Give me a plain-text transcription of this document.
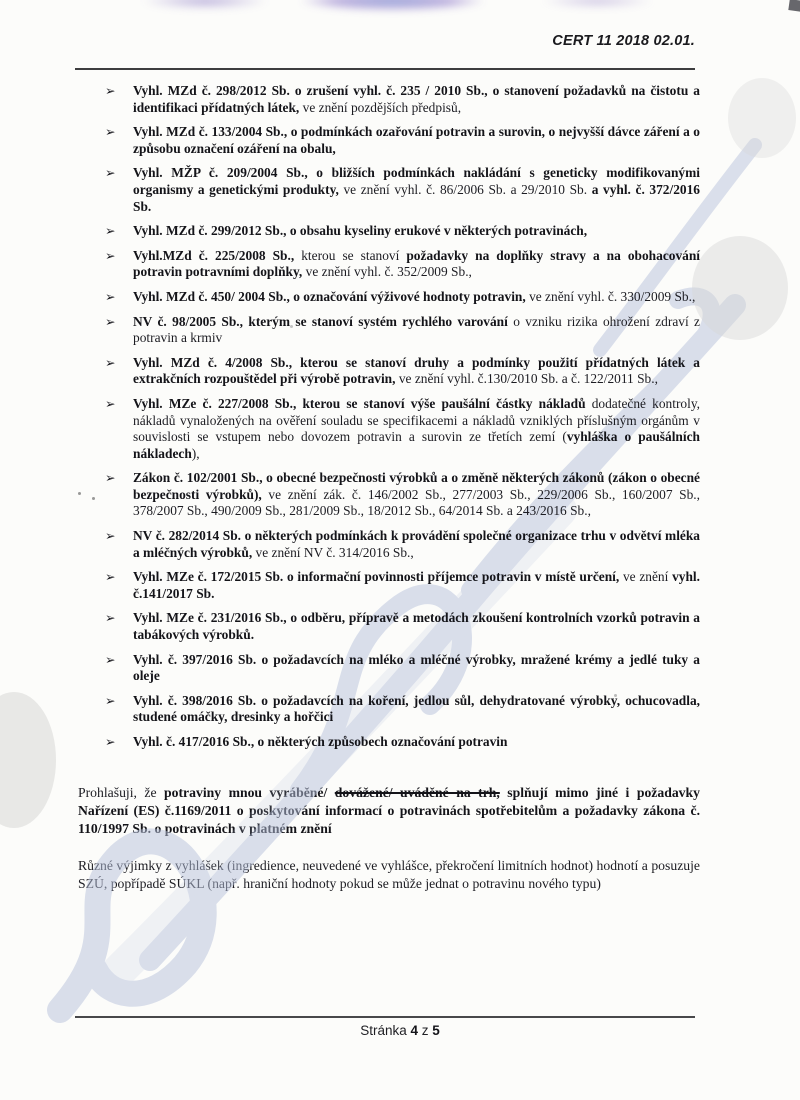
CERT 11 2018 02.01.
➢ Vyhl. MZd č. 298/2012 Sb. o zrušení vyhl. č. 235 / 2010 Sb., o stanovení požadavků na čistotu a identifikaci přídatných látek, ve znění pozdějších předpisů,
➢ Vyhl. MZd č. 133/2004 Sb., o podmínkách ozařování potravin a surovin, o nejvyšší dávce záření a o způsobu označení ozáření na obalu,
➢ Vyhl. MŽP č. 209/2004 Sb., o bližších podmínkách nakládání s geneticky modifikovanými organismy a genetickými produkty, ve znění vyhl. č. 86/2006 Sb. a 29/2010 Sb. a vyhl. č. 372/2016 Sb.
➢ Vyhl. MZd č. 299/2012 Sb., o obsahu kyseliny erukové v některých potravinách,
➢ Vyhl.MZd č. 225/2008 Sb., kterou se stanoví požadavky na doplňky stravy a na obohacování potravin potravními doplňky, ve znění vyhl. č. 352/2009 Sb.,
➢ Vyhl. MZd č. 450/ 2004 Sb., o označování výživové hodnoty potravin, ve znění vyhl. č. 330/2009 Sb.,
➢ NV č. 98/2005 Sb., kterým se stanoví systém rychlého varování o vzniku rizika ohrožení zdraví z potravin a krmiv
➢ Vyhl. MZd č. 4/2008 Sb., kterou se stanoví druhy a podmínky použití přídatných látek a extrakčních rozpouštědel při výrobě potravin, ve znění vyhl. č.130/2010 Sb. a č. 122/2011 Sb.,
➢ Vyhl. MZe č. 227/2008 Sb., kterou se stanoví výše paušální částky nákladů dodatečné kontroly, nákladů vynaložených na ověření souladu se specifikacemi a nákladů vzniklých příslušným orgánům v souvislosti se vstupem nebo dovozem potravin a surovin ze třetích zemí (vyhláška o paušálních nákladech),
➢ Zákon č. 102/2001 Sb., o obecné bezpečnosti výrobků a o změně některých zákonů (zákon o obecné bezpečnosti výrobků), ve znění zák. č. 146/2002 Sb., 277/2003 Sb., 229/2006 Sb., 160/2007 Sb., 378/2007 Sb., 490/2009 Sb., 281/2009 Sb., 18/2012 Sb., 64/2014 Sb. a 243/2016 Sb.,
➢ NV č. 282/2014 Sb. o některých podmínkách k provádění společné organizace trhu v odvětví mléka a mléčných výrobků, ve znění NV č. 314/2016 Sb.,
➢ Vyhl. MZe č. 172/2015 Sb. o informační povinnosti příjemce potravin v místě určení, ve znění vyhl. č.141/2017 Sb.
➢ Vyhl. MZe č. 231/2016 Sb., o odběru, přípravě a metodách zkoušení kontrolních vzorků potravin a tabákových výrobků.
➢ Vyhl. č. 397/2016 Sb. o požadavcích na mléko a mléčné výrobky, mražené krémy a jedlé tuky a oleje
➢ Vyhl. č. 398/2016 Sb. o požadavcích na koření, jedlou sůl, dehydratované výrobky, ochucovadla, studené omáčky, dresinky a hořčici
➢ Vyhl. č. 417/2016 Sb., o některých způsobech označování potravin
Prohlašuji, že potraviny mnou vyráběné/ dovážené/ uváděné na trh, splňují mimo jiné i požadavky Nařízení (ES) č.1169/2011 o poskytování informací o potravinách spotřebitelům a požadavky zákona č. 110/1997 Sb. o potravinách v platném znění
Různé výjimky z vyhlášek (ingredience, neuvedené ve vyhlášce, překročení limitních hodnot) hodnotí a posuzuje SZÚ, popřípadě SÚKL (např. hraniční hodnoty pokud se může jednat o potravinu nového typu)
Stránka 4 z 5
